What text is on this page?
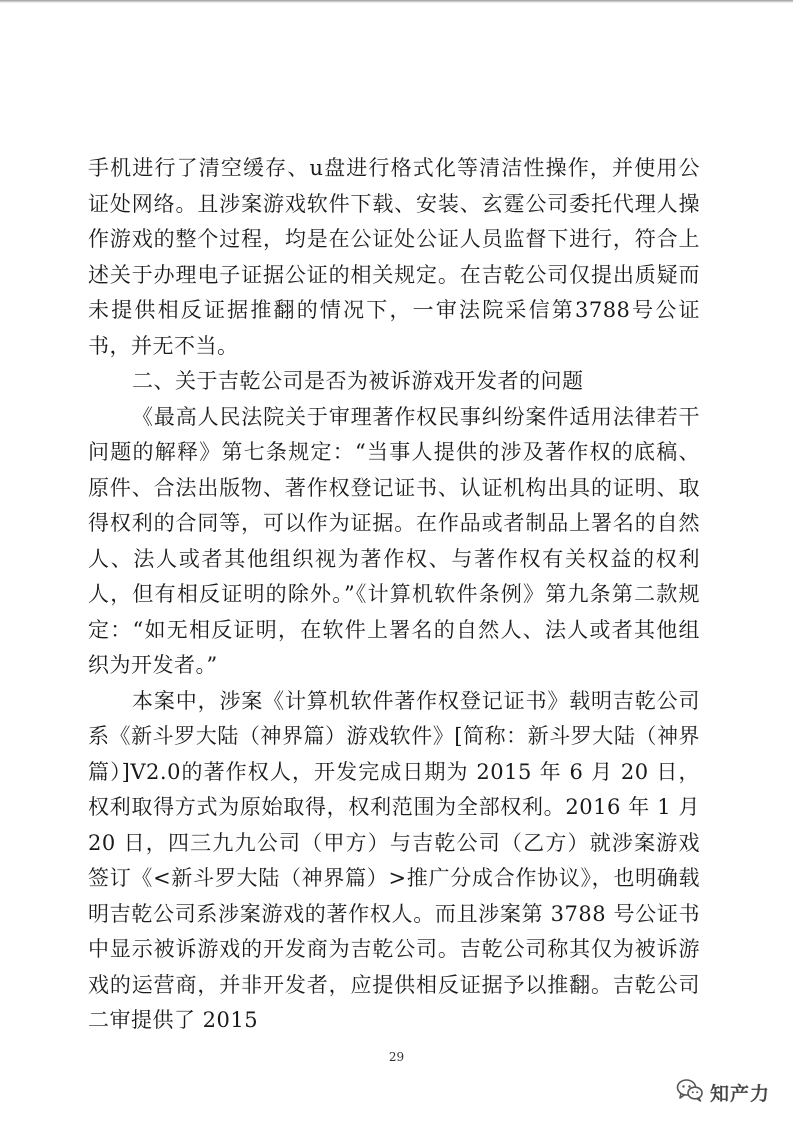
手机进行了清空缓存、u盘进行格式化等清洁性操作，并使用公证处网络。且涉案游戏软件下载、安装、玄霆公司委托代理人操作游戏的整个过程，均是在公证处公证人员监督下进行，符合上述关于办理电子证据公证的相关规定。在吉乾公司仅提出质疑而未提供相反证据推翻的情况下，一审法院采信第3788号公证书，并无不当。

二、关于吉乾公司是否为被诉游戏开发者的问题

《最高人民法院关于审理著作权民事纠纷案件适用法律若干问题的解释》第七条规定：“当事人提供的涉及著作权的底稿、原件、合法出版物、著作权登记证书、认证机构出具的证明、取得权利的合同等，可以作为证据。在作品或者制品上署名的自然人、法人或者其他组织视为著作权、与著作权有关权益的权利人，但有相反证明的除外。”《计算机软件条例》第九条第二款规定：“如无相反证明，在软件上署名的自然人、法人或者其他组织为开发者。”

本案中，涉案《计算机软件著作权登记证书》载明吉乾公司系《新斗罗大陆（神界篇）游戏软件》[简称：新斗罗大陆（神界篇）]V2.0的著作权人，开发完成日期为 2015 年 6 月 20 日，权利取得方式为原始取得，权利范围为全部权利。2016 年 1 月 20 日，四三九九公司（甲方）与吉乾公司（乙方）就涉案游戏签订《<新斗罗大陆（神界篇）>推广分成合作协议》，也明确载明吉乾公司系涉案游戏的著作权人。而且涉案第 3788 号公证书中显示被诉游戏的开发商为吉乾公司。吉乾公司称其仅为被诉游戏的运营商，并非开发者，应提供相反证据予以推翻。吉乾公司二审提供了 2015

29
知产力
